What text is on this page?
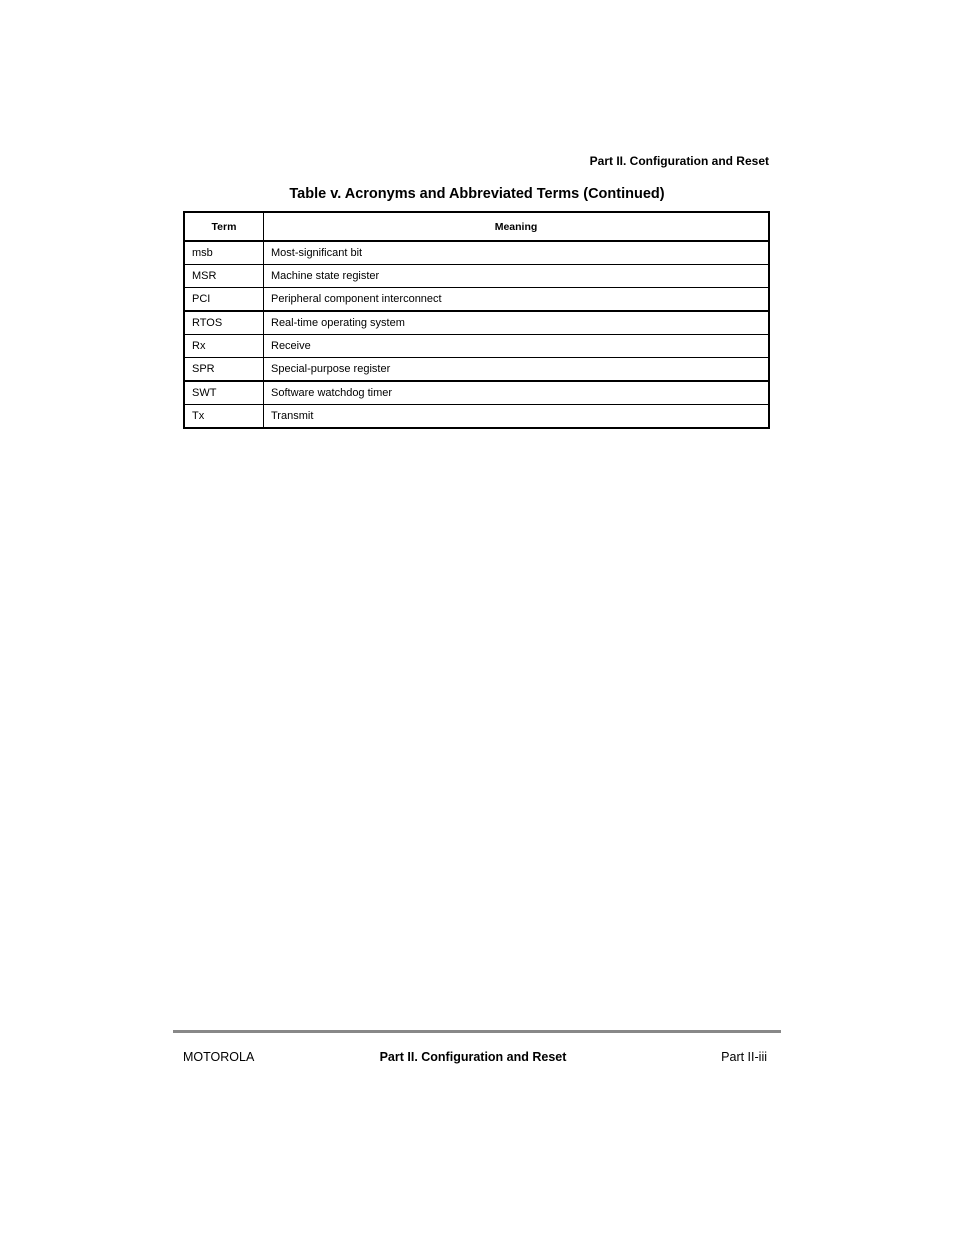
Part II. Configuration and Reset
Table v. Acronyms and Abbreviated Terms (Continued)
Term	Meaning
msb	Most-significant bit
MSR	Machine state register
PCI	Peripheral component interconnect
RTOS	Real-time operating system
Rx	Receive
SPR	Special-purpose register
SWT	Software watchdog timer
Tx	Transmit
MOTOROLA	Part II. Configuration and Reset	Part II-iii
